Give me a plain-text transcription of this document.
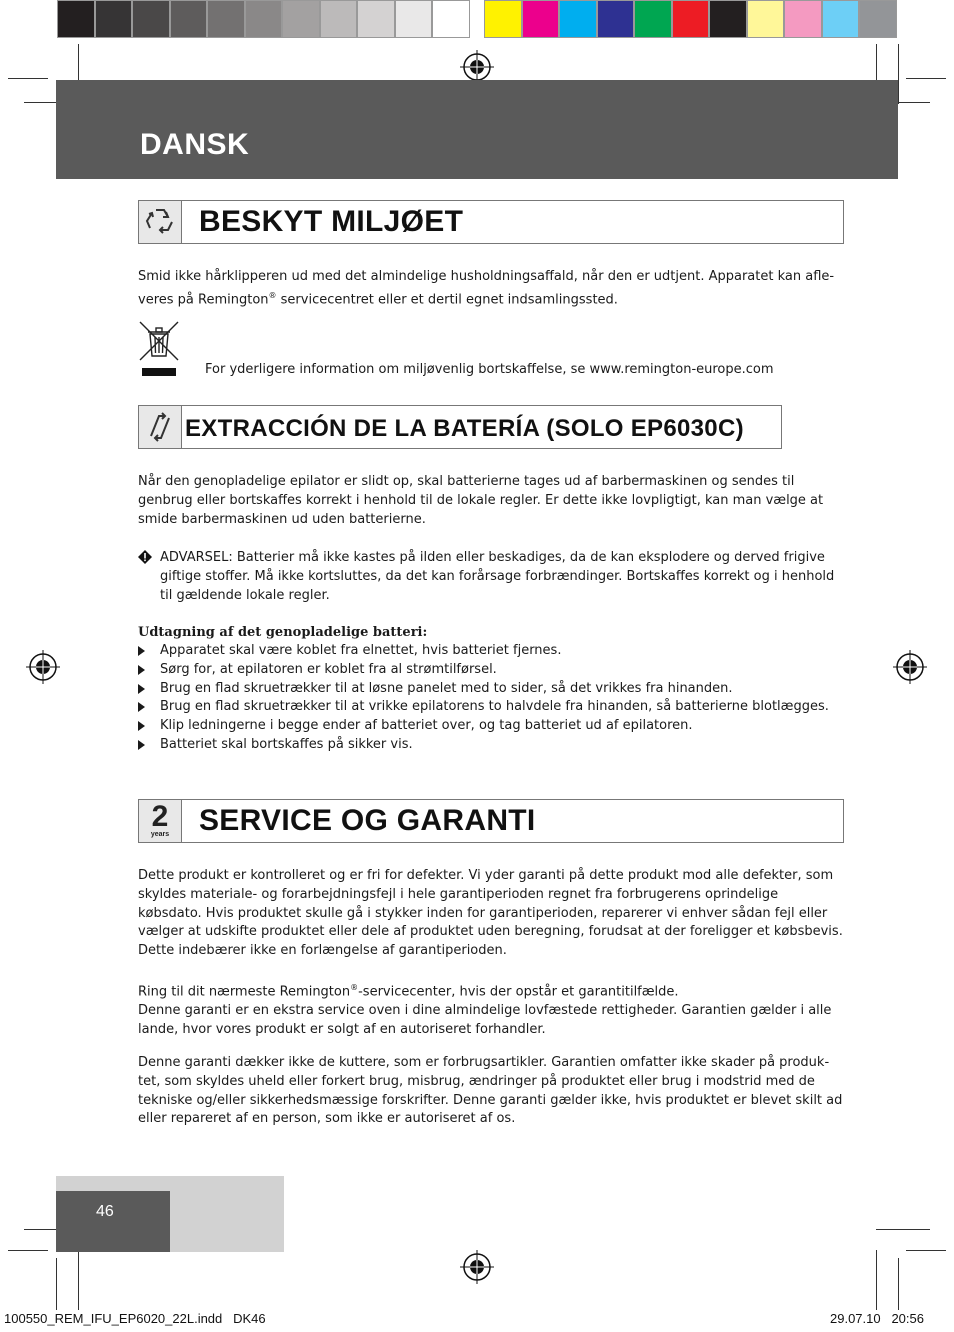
DANSK
BESKYT MILJØET
Smid ikke hårklipperen ud med det almindelige husholdningsaffald, når den er udtjent. Apparatet kan afle-veres på Remington® servicecentret eller et dertil egnet indsamlingssted.
For yderligere information om miljøvenlig bortskaffelse, se www.remington-europe.com
EXTRACCIÓN DE LA BATERÍA (SOLO EP6030C)
Når den genopladelige epilator er slidt op, skal batterierne tages ud af barbermaskinen og sendes til genbrug eller bortskaffes korrekt i henhold til de lokale regler. Er dette ikke lovpligtigt, kan man vælge at smide barbermaskinen ud uden batterierne.
ADVARSEL: Batterier må ikke kastes på ilden eller beskadiges, da de kan eksplodere og derved frigive giftige stoffer. Må ikke kortsluttes, da det kan forårsage forbrændinger. Bortskaffes korrekt og i henhold til gældende lokale regler.
Udtagning af det genopladelige batteri:
Apparatet skal være koblet fra elnettet, hvis batteriet fjernes.
Sørg for, at epilatoren er koblet fra al strømtilførsel.
Brug en flad skruetrækker til at løsne panelet med to sider, så det vrikkes fra hinanden.
Brug en flad skruetrækker til at vrikke epilatorens to halvdele fra hinanden, så batterierne blotlægges.
Klip ledningerne i begge ender af batteriet over, og tag batteriet ud af epilatoren.
Batteriet skal bortskaffes på sikker vis.
2
years SERVICE OG GARANTI
Dette produkt er kontrolleret og er fri for defekter. Vi yder garanti på dette produkt mod alle defekter, som skyldes materiale- og forarbejdningsfejl i hele garantiperioden regnet fra forbrugerens oprindelige købsdato. Hvis produktet skulle gå i stykker inden for garantiperioden, reparerer vi enhver sådan fejl eller vælger at udskifte produktet eller dele af produktet uden beregning, forudsat at der foreligger et købsbevis. Dette indebærer ikke en forlængelse af garantiperioden.
Ring til dit nærmeste Remington®-servicecenter, hvis der opstår et garantitilfælde.
Denne garanti er en ekstra service oven i dine almindelige lovfæstede rettigheder. Garantien gælder i alle lande, hvor vores produkt er solgt af en autoriseret forhandler.
Denne garanti dækker ikke de kuttere, som er forbrugsartikler. Garantien omfatter ikke skader på produk-tet, som skyldes uheld eller forkert brug, misbrug, ændringer på produktet eller brug i modstrid med de tekniske og/eller sikkerhedsmæssige forskrifter. Denne garanti gælder ikke, hvis produktet er blevet skilt ad eller repareret af en person, som ikke er autoriseret af os.
46
100550_REM_IFU_EP6020_22L.indd   DK46	29.07.10   20:56
